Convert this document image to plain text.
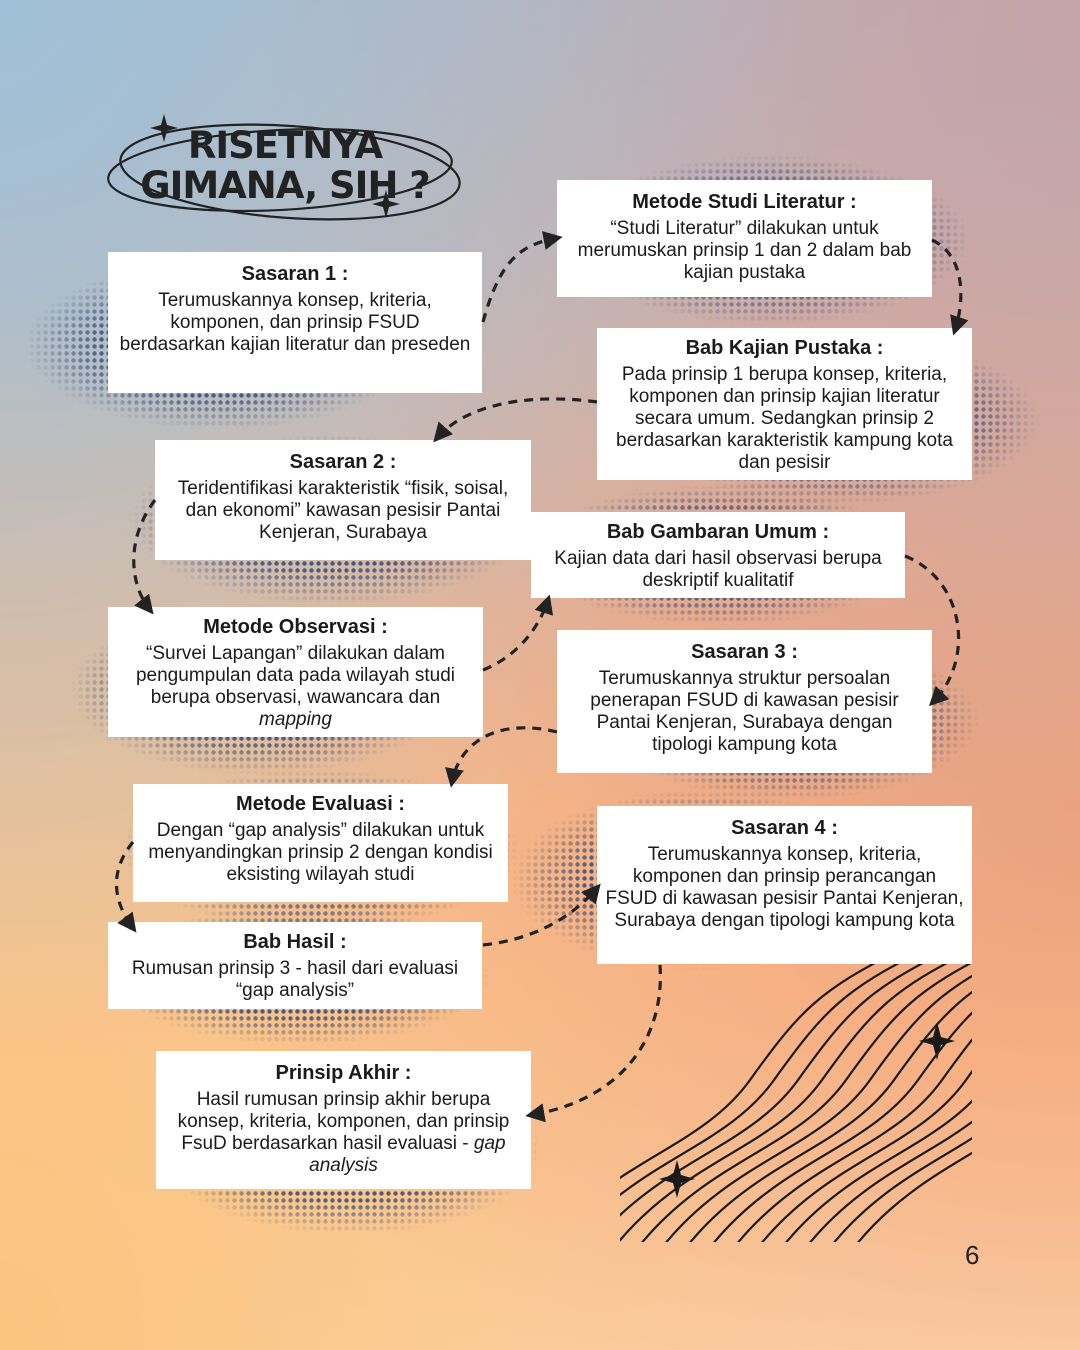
RISETNYA
GIMANA, SIH ?
Sasaran 1 :
Terumuskannya konsep, kriteria, komponen, dan prinsip FSUD berdasarkan kajian literatur dan preseden
Metode Studi Literatur :
“Studi Literatur” dilakukan untuk merumuskan prinsip 1 dan 2 dalam bab kajian pustaka
Bab Kajian Pustaka :
Pada prinsip 1 berupa konsep, kriteria, komponen dan prinsip kajian literatur secara umum. Sedangkan prinsip 2 berdasarkan karakteristik kampung kota dan pesisir
Sasaran 2 :
Teridentifikasi karakteristik “fisik, soisal, dan ekonomi” kawasan pesisir Pantai Kenjeran, Surabaya	Bab Gambaran Umum :
Kajian data dari hasil observasi berupa deskriptif kualitatif
Metode Observasi :
“Survei Lapangan” dilakukan dalam pengumpulan data pada wilayah studi berupa observasi, wawancara dan mapping
Sasaran 3 :
Terumuskannya struktur persoalan penerapan FSUD di kawasan pesisir Pantai Kenjeran, Surabaya dengan tipologi kampung kota
Metode Evaluasi :
Dengan “gap analysis” dilakukan untuk menyandingkan prinsip 2 dengan kondisi eksisting wilayah studi
Sasaran 4 :
Terumuskannya konsep, kriteria, komponen dan prinsip perancangan FSUD di kawasan pesisir Pantai Kenjeran, Surabaya dengan tipologi kampung kota
Bab Hasil :
Rumusan prinsip 3 - hasil dari evaluasi “gap analysis”
Prinsip Akhir :
Hasil rumusan prinsip akhir berupa konsep, kriteria, komponen, dan prinsip FsuD berdasarkan hasil evaluasi - gap analysis
6
